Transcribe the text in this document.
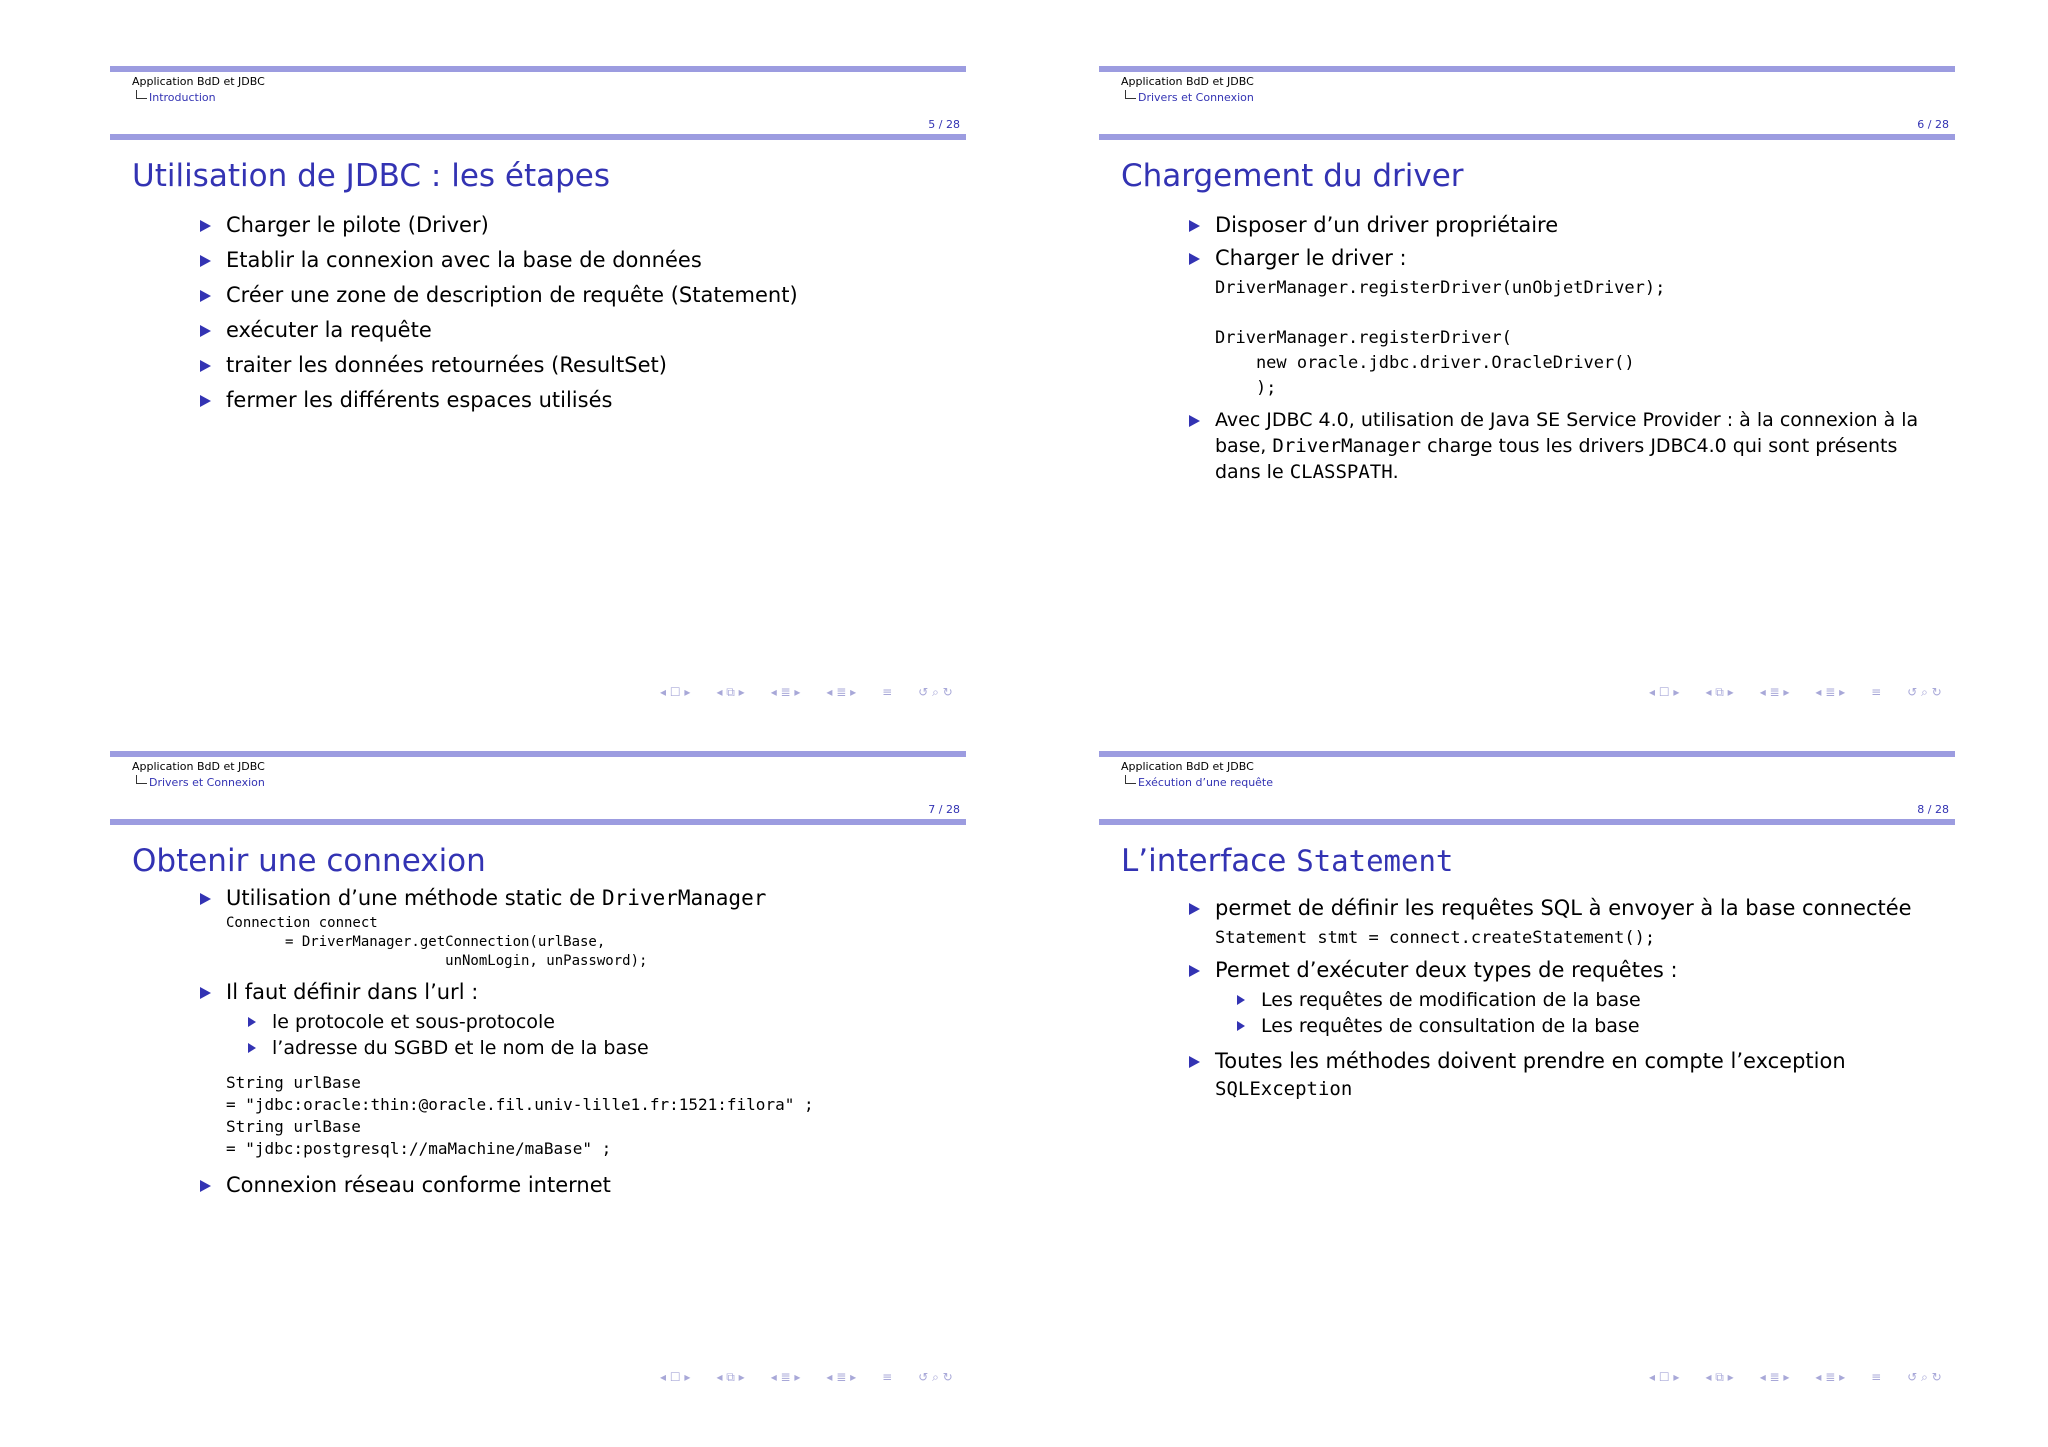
Application BdD et JDBC
Introduction
5 / 28
Utilisation de JDBC : les étapes
Charger le pilote (Driver)
Etablir la connexion avec la base de données
Créer une zone de description de requête (Statement)
exécuter la requête
traiter les données retournées (ResultSet)
fermer les différents espaces utilisés
◂ ☐ ▸ ◂ ⧉ ▸ ◂ ≣ ▸ ◂ ≣ ▸ ≡ ↺ ⌕ ↻
Application BdD et JDBC
Drivers et Connexion
6 / 28
Chargement du driver
Disposer d’un driver propriétaire
Charger le driver :
DriverManager.registerDriver(unObjetDriver);
DriverManager.registerDriver(
new oracle.jdbc.driver.OracleDriver()
);
Avec JDBC 4.0, utilisation de Java SE Service Provider : à la connexion à la base, DriverManager charge tous les drivers JDBC4.0 qui sont présents dans le CLASSPATH.
◂ ☐ ▸ ◂ ⧉ ▸ ◂ ≣ ▸ ◂ ≣ ▸ ≡ ↺ ⌕ ↻
Application BdD et JDBC
Drivers et Connexion
7 / 28
Obtenir une connexion
Utilisation d’une méthode static de DriverManager
Connection connect
= DriverManager.getConnection(urlBase,
unNomLogin, unPassword);
Il faut définir dans l’url :
le protocole et sous-protocole
l’adresse du SGBD et le nom de la base
String urlBase
= "jdbc:oracle:thin:@oracle.fil.univ-lille1.fr:1521:filora" ;
String urlBase
= "jdbc:postgresql://maMachine/maBase" ;
Connexion réseau conforme internet
◂ ☐ ▸ ◂ ⧉ ▸ ◂ ≣ ▸ ◂ ≣ ▸ ≡ ↺ ⌕ ↻
Application BdD et JDBC
Exécution d’une requête
8 / 28
L’interface Statement
permet de définir les requêtes SQL à envoyer à la base connectée
Statement stmt = connect.createStatement();
Permet d’exécuter deux types de requêtes :
Les requêtes de modification de la base
Les requêtes de consultation de la base
Toutes les méthodes doivent prendre en compte l’exception
SQLException
◂ ☐ ▸ ◂ ⧉ ▸ ◂ ≣ ▸ ◂ ≣ ▸ ≡ ↺ ⌕ ↻
